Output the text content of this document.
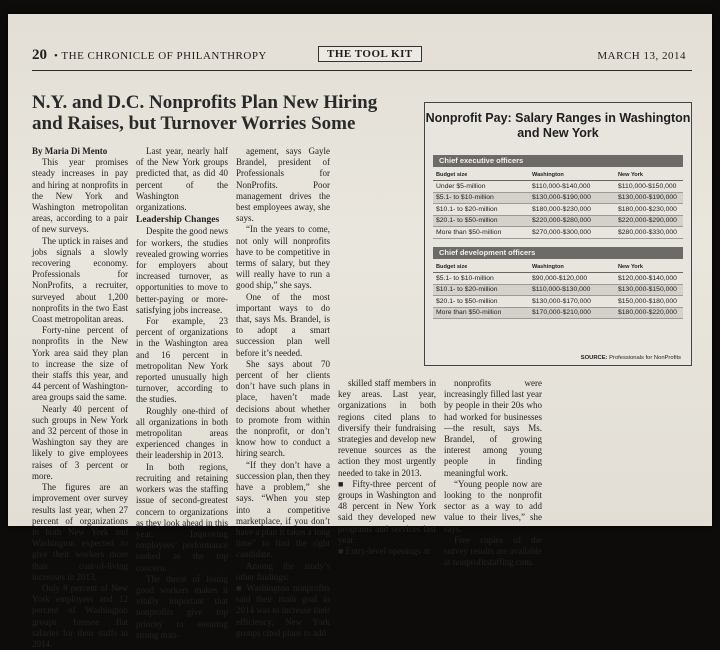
20 • THE CHRONICLE OF PHILANTHROPY	THE TOOL KIT	MARCH 13, 2014
N.Y. and D.C. Nonprofits Plan New Hiring and Raises, but Turnover Worries Some

By Maria Di Mento

This year promises steady increases in pay and hiring at nonprofits in the New York and Washington metropolitan areas, according to a pair of new surveys.

The uptick in raises and jobs signals a slowly recovering economy. Professionals for NonProfits, a recruiter, surveyed about 1,200 nonprofits in the two East Coast metropolitan areas.

Forty-nine percent of nonprofits in the New York area said they plan to increase the size of their staffs this year, and 44 percent of Washington-area groups said the same.

Nearly 40 percent of such groups in New York and 32 percent of those in Washington say they are likely to give employees raises of 3 percent or more.

The figures are an improvement over survey results last year, when 27 percent of organizations in both New York and Washington expected to give their workers more than cost-of-living increases in 2013.

Only 8 percent of New York employers and 12 percent of Washington groups foresee flat salaries for their staffs in 2014.

Last year, nearly half of the New York groups predicted that, as did 40 percent of the Washington organizations.

Leadership Changes

Despite the good news for workers, the studies revealed growing worries for employers about increased turnover, as opportunities to move to better-paying or more-satisfying jobs increase.

For example, 23 percent of organizations in the Washington area and 16 percent in metropolitan New York reported unusually high turnover, according to the studies.

Roughly one-third of all organizations in both metropolitan areas experienced changes in their leadership in 2013.

In both regions, recruiting and retaining workers was the staffing issue of second-greatest concern to organizations as they look ahead in this year. Improving employees’ performance ranked as the top concern.

The threat of losing good workers makes it vitally important that nonprofits give top priority to ensuring strong man-

agement, says Gayle Brandel, president of Professionals for NonProfits. Poor management drives the best employees away, she says.

“In the years to come, not only will nonprofits have to be competitive in terms of salary, but they will really have to run a good ship,” she says.

One of the most important ways to do that, says Ms. Brandel, is to adopt a smart succession plan well before it’s needed.

She says about 70 percent of her clients don’t have such plans in place, haven’t made decisions about whether to promote from within the nonprofit, or don’t know how to conduct a hiring search.

“If they don’t have a succession plan, then they have a problem,” she says. “When you step into a competitive marketplace, if you don’t have a plan it takes a long time” to find the right candidate.

Among the study’s other findings:

■ Washington nonprofits said their main goal in 2014 was to increase their efficiency; New York groups cited plans to add

skilled staff members in key areas. Last year, organizations in both regions cited plans to diversify their fundraising strategies and develop new revenue sources as the action they most urgently needed to take in 2013.

■ Fifty-three percent of groups in Washington and 48 percent in New York said they developed new programs and services last year.

■ Entry-level openings at

nonprofits were increasingly filled last year by people in their 20s who had worked for businesses—the result, says Ms. Brandel, of growing interest among young people in finding meaningful work.

“Young people now are looking to the nonprofit sector as a way to add value to their lives,” she says.

Free copies of the survey results are available at nonprofitstaffing.com.

Nonprofit Pay: Salary Ranges in Washington and New York
Chief executive officers
Budget size	Washington	New York
Under $5-million	$110,000-$140,000	$110,000-$150,000
$5.1- to $10-million	$130,000-$190,000	$130,000-$190,000
$10.1- to $20-million	$180,000-$230,000	$180,000-$230,000
$20.1- to $50-million	$220,000-$280,000	$220,000-$290,000
More than $50-million	$270,000-$300,000	$280,000-$330,000
Chief development officers
Budget size	Washington	New York
$5.1- to $10-million	$90,000-$120,000	$120,000-$140,000
$10.1- to $20-million	$110,000-$130,000	$130,000-$150,000
$20.1- to $50-million	$130,000-$170,000	$150,000-$180,000
More than $50-million	$170,000-$210,000	$180,000-$220,000
SOURCE: Professionals for NonProfits
